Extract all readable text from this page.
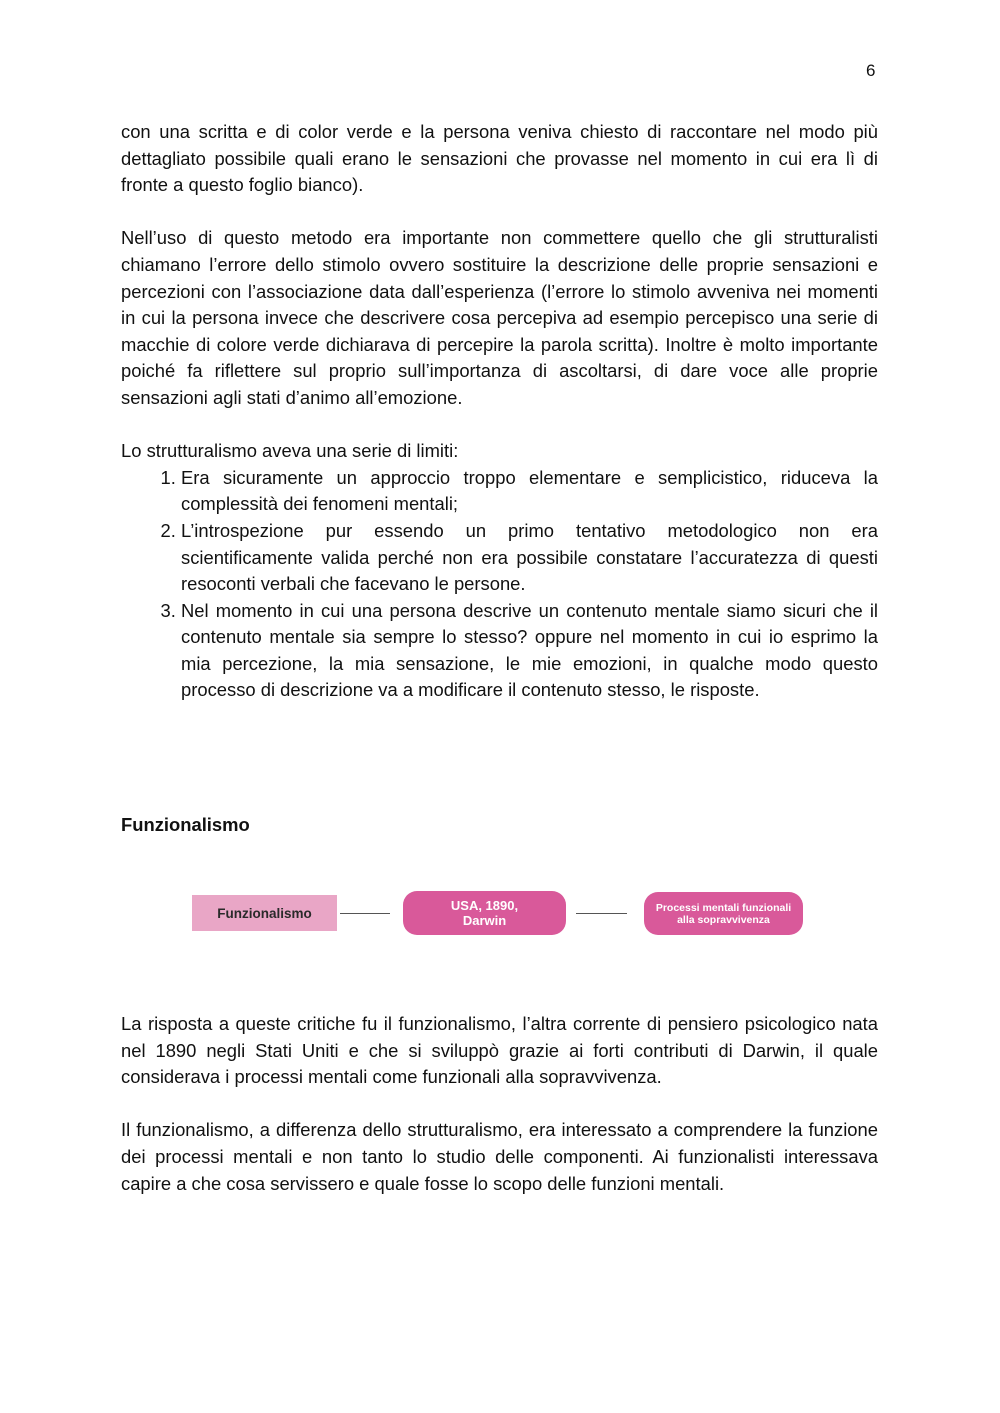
6

con una scritta e di color verde e la persona veniva chiesto di raccontare nel modo più dettagliato possibile quali erano le sensazioni che provasse nel momento in cui era lì di fronte a questo foglio bianco).

Nell’uso di questo metodo era importante non commettere quello che gli strutturalisti chiamano l’errore dello stimolo ovvero sostituire la descrizione delle proprie sensazioni e percezioni con l’associazione data dall’esperienza (l’errore lo stimolo avveniva nei momenti in cui la persona invece che descrivere cosa percepiva ad esempio percepisco una serie di macchie di colore verde dichiarava di percepire la parola scritta). Inoltre è molto importante poiché fa riflettere sul proprio sull’importanza di ascoltarsi, di dare voce alle proprie sensazioni agli stati d’animo all’emozione.

Lo strutturalismo aveva una serie di limiti:

1. Era sicuramente un approccio troppo elementare e semplicistico, riduceva la complessità dei fenomeni mentali;
2. L’introspezione pur essendo un primo tentativo metodologico non era scientificamente valida perché non era possibile constatare l’accuratezza di questi resoconti verbali che facevano le persone.
3. Nel momento in cui una persona descrive un contenuto mentale siamo sicuri che il contenuto mentale sia sempre lo stesso? oppure nel momento in cui io esprimo la mia percezione, la mia sensazione, le mie emozioni, in qualche modo questo processo di descrizione va a modificare il contenuto stesso, le risposte.
Funzionalismo
Funzionalismo	USA, 1890, Darwin
Processi mentali funzionali alla sopravvivenza

La risposta a queste critiche fu il funzionalismo, l’altra corrente di pensiero psicologico nata nel 1890 negli Stati Uniti e che si sviluppò grazie ai forti contributi di Darwin, il quale considerava i processi mentali come funzionali alla sopravvivenza.

Il funzionalismo, a differenza dello strutturalismo, era interessato a comprendere la funzione dei processi mentali e non tanto lo studio delle componenti. Ai funzionalisti interessava capire a che cosa servissero e quale fosse lo scopo delle funzioni mentali.
